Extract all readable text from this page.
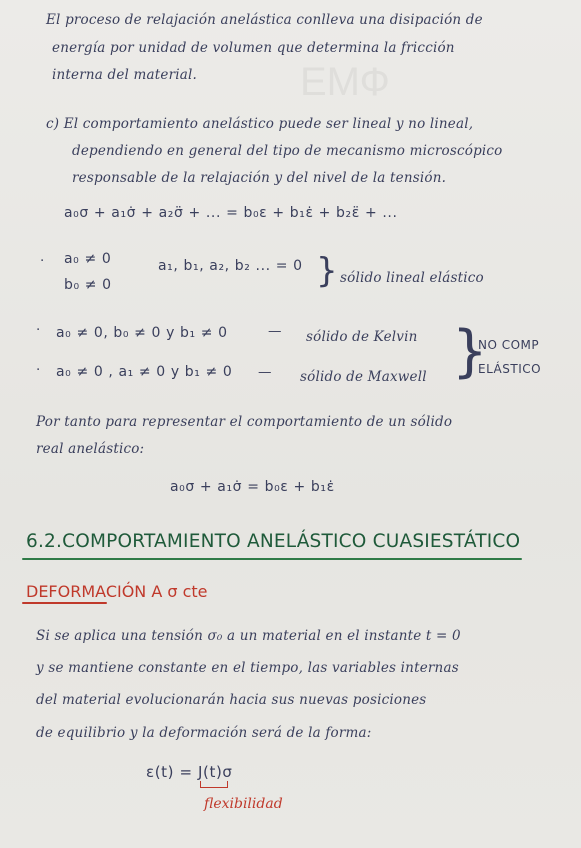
ЕМФ
El proceso de relajación anelástica conlleva una disipación de
energía por unidad de volumen que determina la fricción
interna del material.
c) El comportamiento anelástico puede ser lineal y no lineal,
dependiendo en general del tipo de mecanismo microscópico
responsable de la relajación y del nivel de la tensión.
a₀σ + a₁σ̇ + a₂σ̈ + ... = b₀ε + b₁ε̇ + b₂ε̈ + ...
· a₀ ≠ 0
b₀ ≠ 0
a₁, b₁, a₂, b₂ ... = 0 } sólido lineal elástico
· a₀ ≠ 0, b₀ ≠ 0 y b₁ ≠ 0	— sólido de Kelvin
· a₀ ≠ 0 , a₁ ≠ 0 y b₁ ≠ 0 — sólido de Maxwell }
NO COMP
ELÁSTICO
Por tanto para representar el comportamiento de un sólido
real anelástico:
a₀σ + a₁σ̇ = b₀ε + b₁ε̇
6.2.COMPORTAMIENTO ANELÁSTICO CUASIESTÁTICO
DEFORMACIÓN A σ cte
Si se aplica una tensión σ₀ a un material en el instante t = 0
y se mantiene constante en el tiempo, las variables internas
del material evolucionarán hacia sus nuevas posiciones
de equilibrio y la deformación será de la forma:
ε(t) = J(t)σ
flexibilidad
